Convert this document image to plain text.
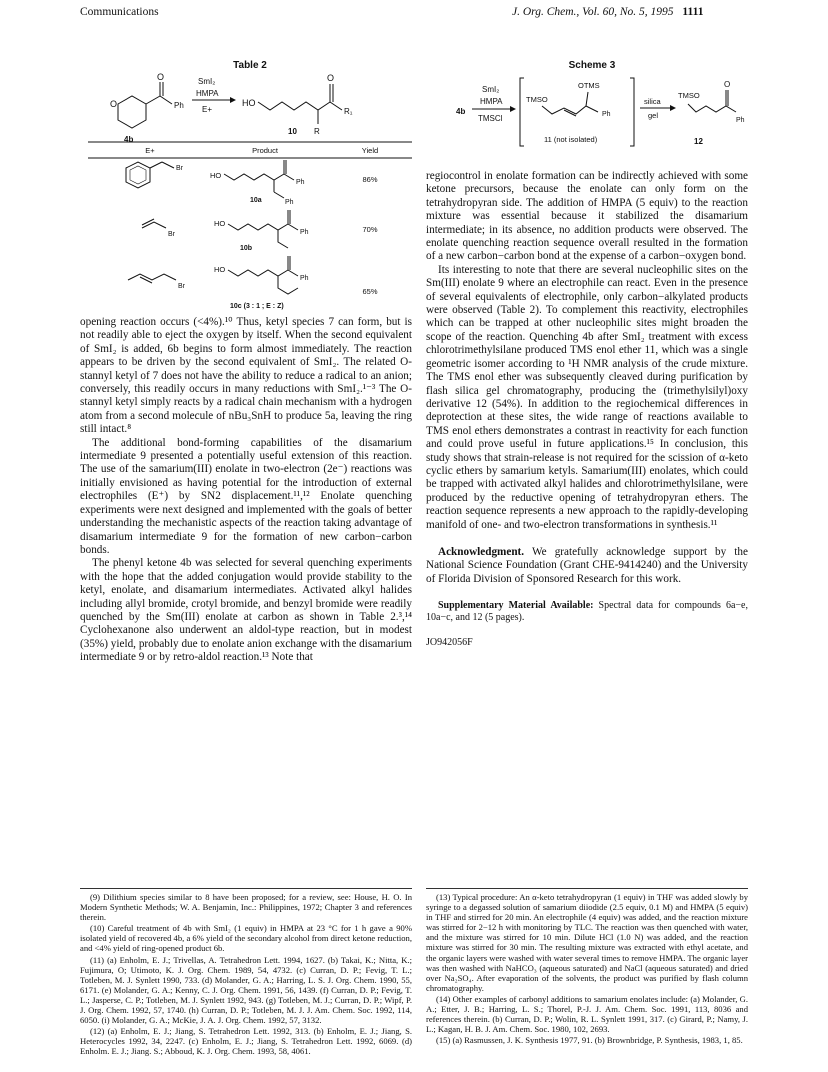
Communications	J. Org. Chem., Vol. 60, No. 5, 1995 1111
Table 2
O
O
Ph
4b
SmI₂
HMPA
E+
HO
O
R₁
R
10
E+	Product	Yield
Br
HO
Ph
Ph
10a
86%
Br
HO
Ph
10b
70%
Br
HO
Ph
10c (3 : 1 ; E : Z)
65%
Scheme 3
4b
SmI₂
HMPA
TMSCl
TMSO
OTMS
Ph
11 (not isolated)
silica
gel
TMSO
O
Ph
12

opening reaction occurs (<4%).¹⁰ Thus, ketyl species 7 can form, but is not readily able to eject the oxygen by itself. When the second equivalent of SmI₂ is added, 6b begins to form almost immediately. The reaction appears to be driven by the second equivalent of SmI₂. The related O-stannyl ketyl of 7 does not have the ability to reduce a radical to an anion; conversely, this readily occurs in many reductions with SmI₂.¹⁻³ The O-stannyl ketyl simply reacts by a radical chain mechanism with a hydrogen atom from a second molecule of nBu₃SnH to produce 5a, leaving the ring still intact.⁸

The additional bond-forming capabilities of the disamarium intermediate 9 presented a potentially useful extension of this reaction. The use of the samarium(III) enolate in two-electron (2e⁻) reactions was initially envisioned as having potential for the introduction of external electrophiles (E⁺) by SN2 displacement.¹¹,¹² Enolate quenching experiments were next designed and implemented with the goals of better understanding the mechanistic aspects of the reaction taking advantage of disamarium intermediate 9 for the formation of new carbon−carbon bonds.

The phenyl ketone 4b was selected for several quenching experiments with the hope that the added conjugation would provide stability to the ketyl, enolate, and disamarium intermediates. Activated alkyl halides including allyl bromide, crotyl bromide, and benzyl bromide were readily quenched by the Sm(III) enolate at carbon as shown in Table 2.³,¹⁴ Cyclohexanone also underwent an aldol-type reaction, but in modest (35%) yield, probably due to enolate anion exchange with the disamarium intermediate 9 or by retro-aldol reaction.¹³ Note that

regiocontrol in enolate formation can be indirectly achieved with some ketone precursors, because the enolate can only form on the tetrahydropyran side. The addition of HMPA (5 equiv) to the reaction mixture was essential because it stabilized the disamarium intermediate; in its absence, no addition products were observed. The enolate quenching reaction sequence overall resulted in the formation of a new carbon−carbon bond at the expense of a carbon−oxygen bond.

Its interesting to note that there are several nucleophilic sites on the Sm(III) enolate 9 where an electrophile can react. Even in the presence of several equivalents of electrophile, only carbon−alkylated products were observed (Table 2). To complement this reactivity, electrophiles which can be trapped at other nucleophilic sites might broaden the scope of the reaction. Quenching 4b after SmI₂ treatment with excess chlorotrimethylsilane produced TMS enol ether 11, which was a single geometric isomer according to ¹H NMR analysis of the crude mixture. The TMS enol ether was subsequently cleaved during purification by flash silica gel chromatography, producing the (trimethylsilyl)oxy derivative 12 (54%). In addition to the regiochemical differences in deprotection at these sites, the wide range of reactions available to TMS enol ethers demonstrates a contrast in reactivity for each function and could prove useful in future applications.¹⁵ In conclusion, this study shows that strain-release is not required for the scission of α-keto cyclic ethers by samarium ketyls. Samarium(III) enolates, which could be trapped with activated alkyl halides and chlorotrimethylsilane, were produced by the reductive opening of tetrahydropyran ethers. The reaction sequence represents a new approach to the rapidly-developing manifold of one- and two-electron transformations in synthesis.¹¹

Acknowledgment. We gratefully acknowledge support by the National Science Foundation (Grant CHE-9414240) and the University of Florida Division of Sponsored Research for this work.

Supplementary Material Available: Spectral data for compounds 6a−e, 10a−c, and 12 (5 pages).

JO942056F

(9) Dilithium species similar to 8 have been proposed; for a review, see: House, H. O. In Modern Synthetic Methods; W. A. Benjamin, Inc.: Philippines, 1972; Chapter 3 and references therein.

(10) Careful treatment of 4b with SmI₂ (1 equiv) in HMPA at 23 °C for 1 h gave a 90% isolated yield of recovered 4b, a 6% yield of the secondary alcohol from direct ketone reduction, and <4% yield of ring-opened product 6b.

(11) (a) Enholm, E. J.; Trivellas, A. Tetrahedron Lett. 1994, 1627. (b) Takai, K.; Nitta, K.; Fujimura, O; Utimoto, K. J. Org. Chem. 1989, 54, 4732. (c) Curran, D. P.; Fevig, T. L.; Totleben, M. J. Synlett 1990, 733. (d) Molander, G. A.; Harring, L. S. J. Org. Chem. 1990, 55, 6171. (e) Molander, G. A.; Kenny, C. J. Org. Chem. 1991, 56, 1439. (f) Curran, D. P.; Fevig, T. L.; Jasperse, C. P.; Totleben, M. J. Synlett 1992, 943. (g) Totleben, M. J.; Curran, D. P.; Wipf, P. J. Org. Chem. 1992, 57, 1740. (h) Curran, D. P.; Totleben, M. J. J. Am. Chem. Soc. 1992, 114, 6050. (i) Molander, G. A.; McKie, J. A. J. Org. Chem. 1992, 57, 3132.

(12) (a) Enholm, E. J.; Jiang, S. Tetrahedron Lett. 1992, 313. (b) Enholm, E. J.; Jiang, S. Heterocycles 1992, 34, 2247. (c) Enholm, E. J.; Jiang, S. Tetrahedron Lett. 1992, 6069. (d) Enholm. E. J.; Jiang. S.; Abboud, K. J. Org. Chem. 1993, 58, 4061.

(13) Typical procedure: An α-keto tetrahydropyran (1 equiv) in THF was added slowly by syringe to a degassed solution of samarium diiodide (2.5 equiv, 0.1 M) and HMPA (5 equiv) in THF and stirred for 20 min. An electrophile (4 equiv) was added, and the reaction mixture was stirred for 2−12 h with monitoring by TLC. The reaction was then quenched with water, and the mixture was stirred for 10 min. Dilute HCl (1.0 N) was added, and the reaction mixture was stirred for 30 min. The resulting mixture was extracted with ethyl acetate, and the organic layers were washed with water several times to remove HMPA. The organic layer was then washed with NaHCO₃ (aqueous saturated) and NaCl (aqueous saturated) and dried over Na₂SO₄. After evaporation of the solvents, the product was purified by flash column chromatography.

(14) Other examples of carbonyl additions to samarium enolates include: (a) Molander, G. A.; Etter, J. B.; Harring, L. S.; Thorel, P.-J. J. Am. Chem. Soc. 1991, 113, 8036 and references therein. (b) Curran, D. P.; Wolin, R. L. Synlett 1991, 317. (c) Girard, P.; Namy, J. L.; Kagan, H. B. J. Am. Chem. Soc. 1980, 102, 2693.

(15) (a) Rasmussen, J. K. Synthesis 1977, 91. (b) Brownbridge, P. Synthesis, 1983, 1, 85.
